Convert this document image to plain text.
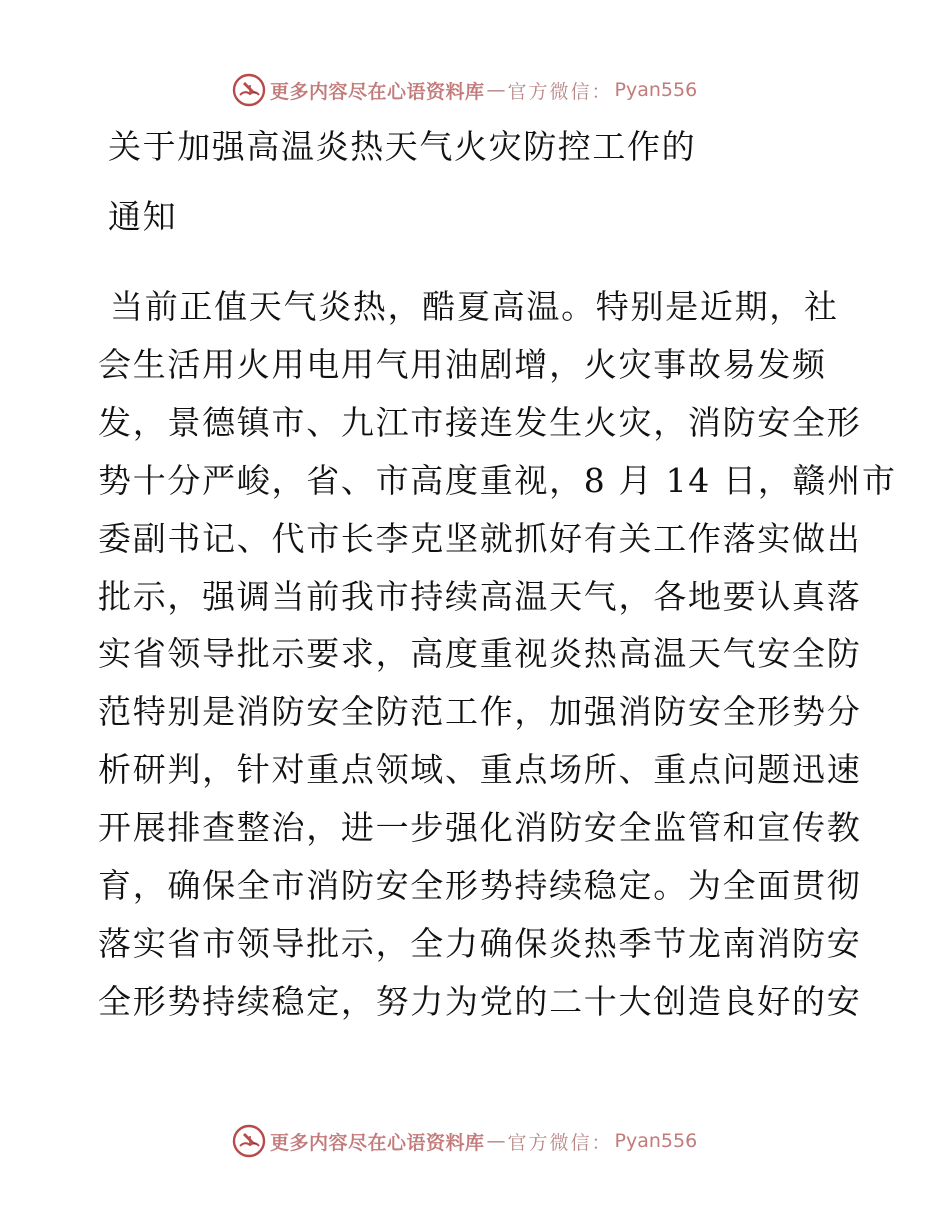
更多内容尽在心语资料库 — 官方微信： Pyan556
关于加强高温炎热天气火灾防控工作的
通知
当前正值天气炎热，酷夏高温。特别是近期，社
会生活用火用电用气用油剧增，火灾事故易发频
发，景德镇市、九江市接连发生火灾，消防安全形
势十分严峻，省、市高度重视，8 月 14 日，赣州市
委副书记、代市长李克坚就抓好有关工作落实做出
批示，强调当前我市持续高温天气，各地要认真落
实省领导批示要求，高度重视炎热高温天气安全防
范特别是消防安全防范工作，加强消防安全形势分
析研判，针对重点领域、重点场所、重点问题迅速
开展排查整治，进一步强化消防安全监管和宣传教
育，确保全市消防安全形势持续稳定。为全面贯彻
落实省市领导批示，全力确保炎热季节龙南消防安
全形势持续稳定，努力为党的二十大创造良好的安
更多内容尽在心语资料库 — 官方微信： Pyan556
